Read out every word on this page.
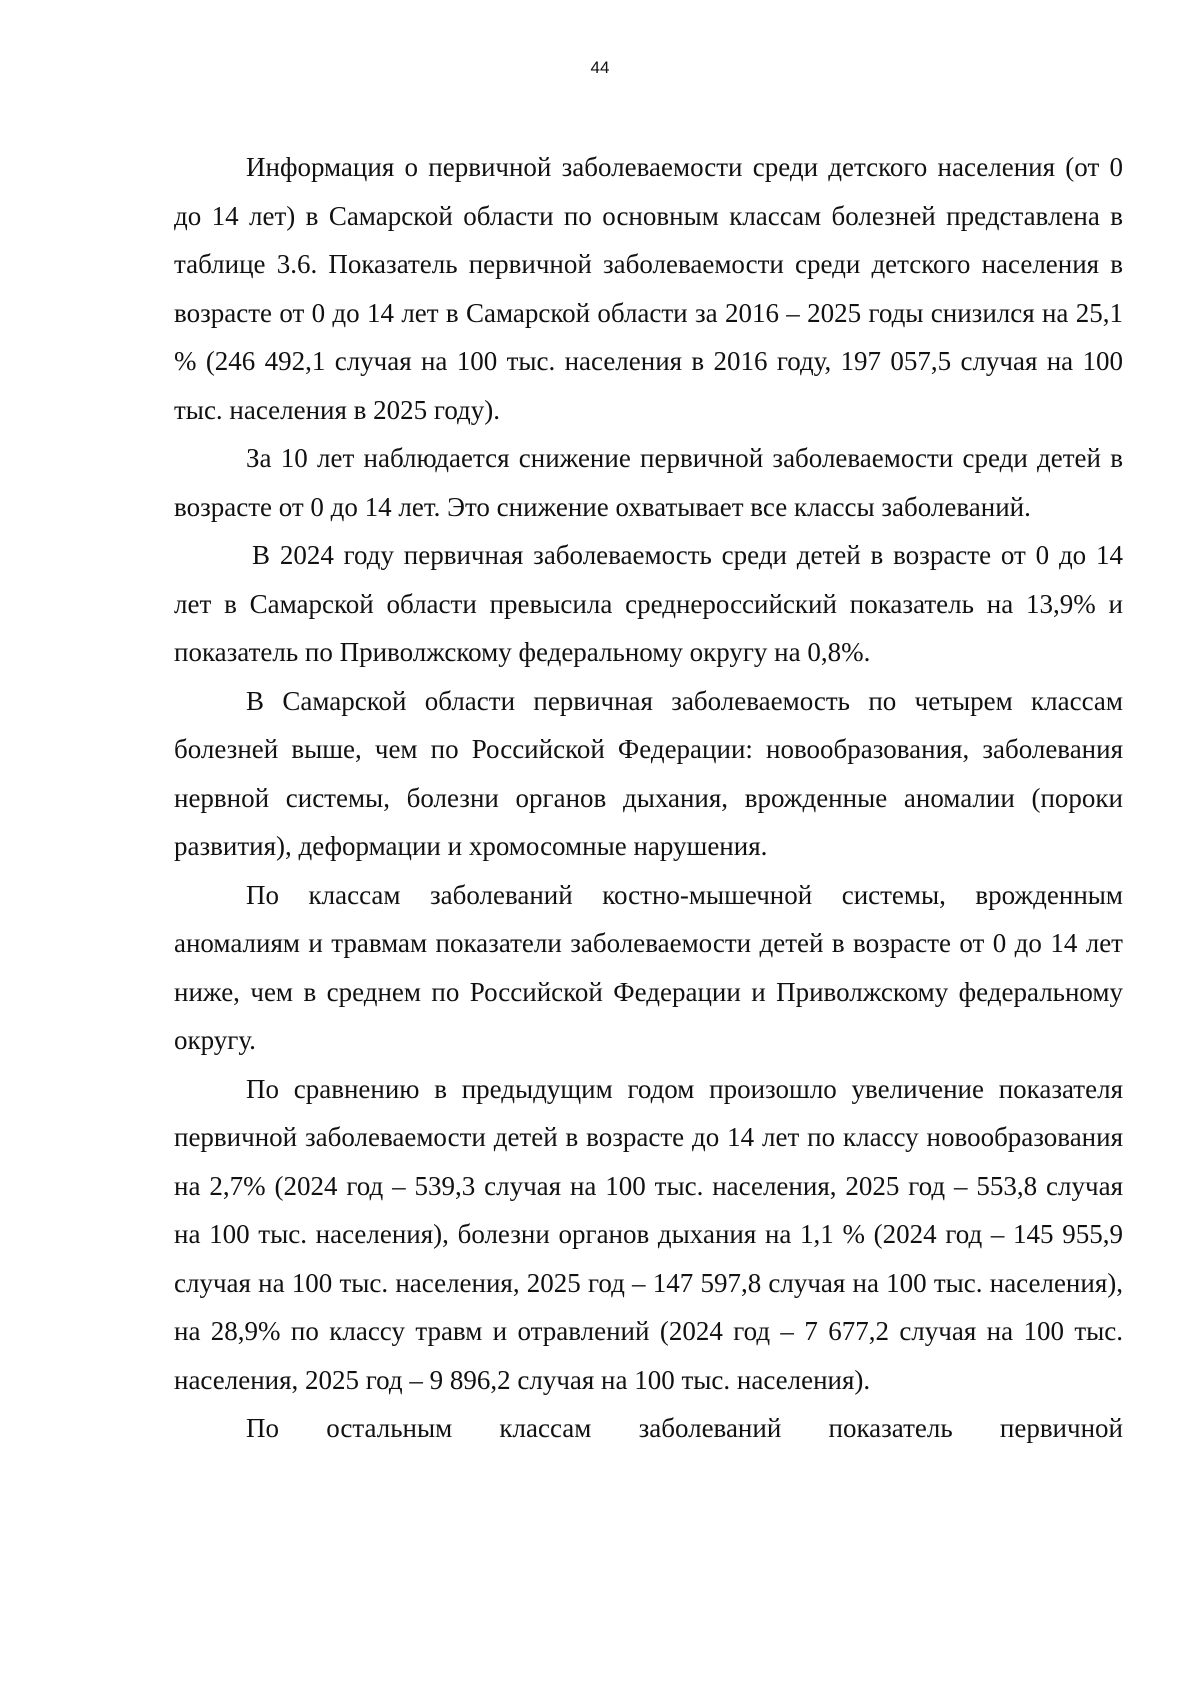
44

Информация о первичной заболеваемости среди детского населения (от 0 до 14 лет) в Самарской области по основным классам болезней представлена в таблице 3.6. Показатель первичной заболеваемости среди детского населения в возрасте от 0 до 14 лет в Самарской области за 2016 – 2025 годы снизился на 25,1 % (246 492,1 случая на 100 тыс. населения в 2016 году, 197 057,5 случая на 100 тыс. населения в 2025 году).

За 10 лет наблюдается снижение первичной заболеваемости среди детей в возрасте от 0 до 14 лет. Это снижение охватывает все классы заболеваний.

В 2024 году первичная заболеваемость среди детей в возрасте от 0 до 14 лет в Самарской области превысила среднероссийский показатель на 13,9% и показатель по Приволжскому федеральному округу на 0,8%.

В Самарской области первичная заболеваемость по четырем классам болезней выше, чем по Российской Федерации: новообразования, заболевания нервной системы, болезни органов дыхания, врожденные аномалии (пороки развития), деформации и хромосомные нарушения.

По классам заболеваний костно-мышечной системы, врожденным аномалиям и травмам показатели заболеваемости детей в возрасте от 0 до 14 лет ниже, чем в среднем по Российской Федерации и Приволжскому федеральному округу.

По сравнению в предыдущим годом произошло увеличение показателя первичной заболеваемости детей в возрасте до 14 лет по классу новообразования на 2,7% (2024 год – 539,3 случая на 100 тыс. населения, 2025 год – 553,8 случая на 100 тыс. населения), болезни органов дыхания на 1,1 % (2024 год – 145 955,9 случая на 100 тыс. населения, 2025 год – 147 597,8 случая на 100 тыс. населения), на 28,9% по классу травм и отравлений (2024 год – 7 677,2 случая на 100 тыс. населения, 2025 год – 9 896,2 случая на 100 тыс. населения).

По остальным классам заболеваний показатель первичной
